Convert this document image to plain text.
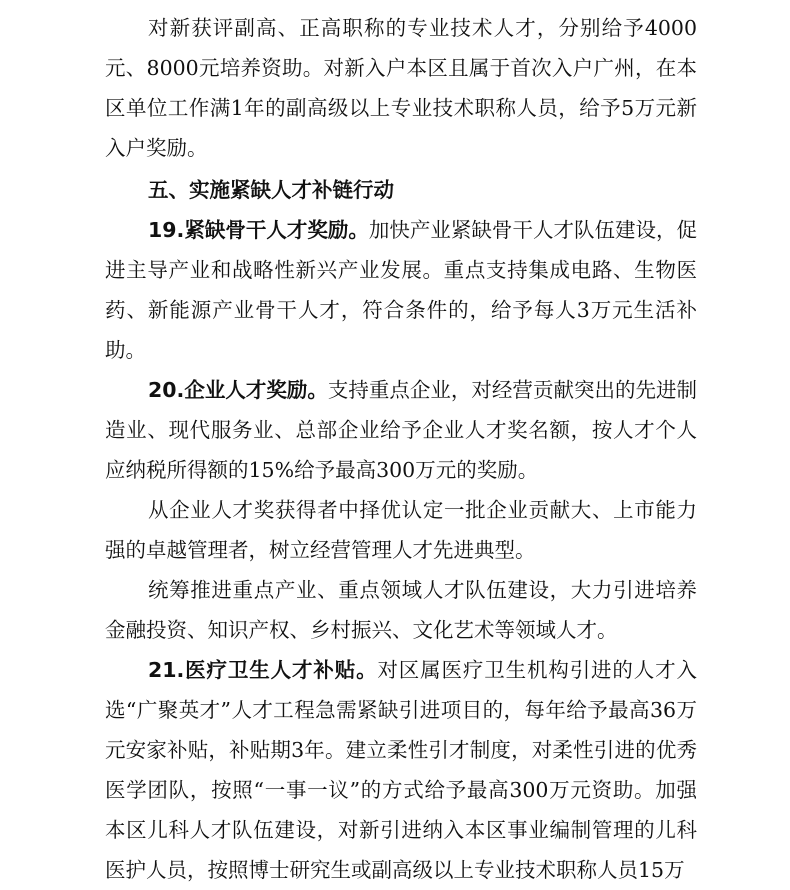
对新获评副高、正高职称的专业技术人才，分别给予4000元、8000元培养资助。对新入户本区且属于首次入户广州，在本区单位工作满1年的副高级以上专业技术职称人员，给予5万元新入户奖励。

五、实施紧缺人才补链行动

19.紧缺骨干人才奖励。加快产业紧缺骨干人才队伍建设，促进主导产业和战略性新兴产业发展。重点支持集成电路、生物医药、新能源产业骨干人才，符合条件的，给予每人3万元生活补助。

20.企业人才奖励。支持重点企业，对经营贡献突出的先进制造业、现代服务业、总部企业给予企业人才奖名额，按人才个人应纳税所得额的15%给予最高300万元的奖励。

从企业人才奖获得者中择优认定一批企业贡献大、上市能力强的卓越管理者，树立经营管理人才先进典型。

统筹推进重点产业、重点领域人才队伍建设，大力引进培养金融投资、知识产权、乡村振兴、文化艺术等领域人才。

21.医疗卫生人才补贴。对区属医疗卫生机构引进的人才入选“广聚英才”人才工程急需紧缺引进项目的，每年给予最高36万元安家补贴，补贴期3年。建立柔性引才制度，对柔性引进的优秀医学团队，按照“一事一议”的方式给予最高300万元资助。加强本区儿科人才队伍建设，对新引进纳入本区事业编制管理的儿科医护人员，按照博士研究生或副高级以上专业技术职称人员15万
